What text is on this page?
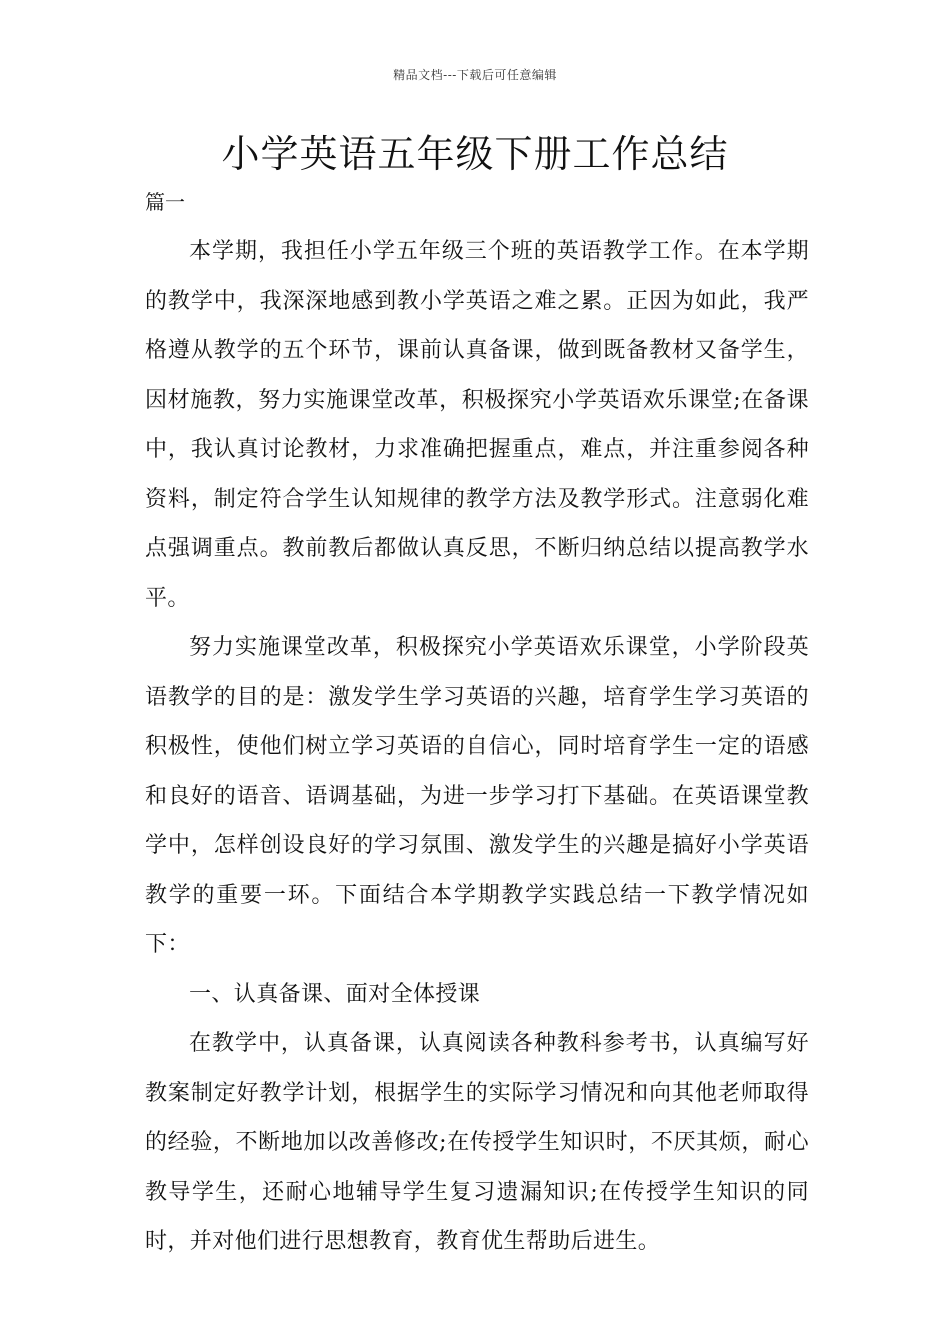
精品文档---下载后可任意编辑
小学英语五年级下册工作总结
篇一

本学期，我担任小学五年级三个班的英语教学工作。在本学期的教学中，我深深地感到教小学英语之难之累。正因为如此，我严格遵从教学的五个环节，课前认真备课，做到既备教材又备学生，因材施教，努力实施课堂改革，积极探究小学英语欢乐课堂;在备课中，我认真讨论教材，力求准确把握重点，难点，并注重参阅各种资料，制定符合学生认知规律的教学方法及教学形式。注意弱化难点强调重点。教前教后都做认真反思，不断归纳总结以提高教学水平。

努力实施课堂改革，积极探究小学英语欢乐课堂，小学阶段英语教学的目的是：激发学生学习英语的兴趣，培育学生学习英语的积极性，使他们树立学习英语的自信心，同时培育学生一定的语感和良好的语音、语调基础，为进一步学习打下基础。在英语课堂教学中，怎样创设良好的学习氛围、激发学生的兴趣是搞好小学英语教学的重要一环。下面结合本学期教学实践总结一下教学情况如下：

一、认真备课、面对全体授课

在教学中，认真备课，认真阅读各种教科参考书，认真编写好教案制定好教学计划，根据学生的实际学习情况和向其他老师取得的经验，不断地加以改善修改;在传授学生知识时，不厌其烦，耐心教导学生，还耐心地辅导学生复习遗漏知识;在传授学生知识的同时，并对他们进行思想教育，教育优生帮助后进生。
